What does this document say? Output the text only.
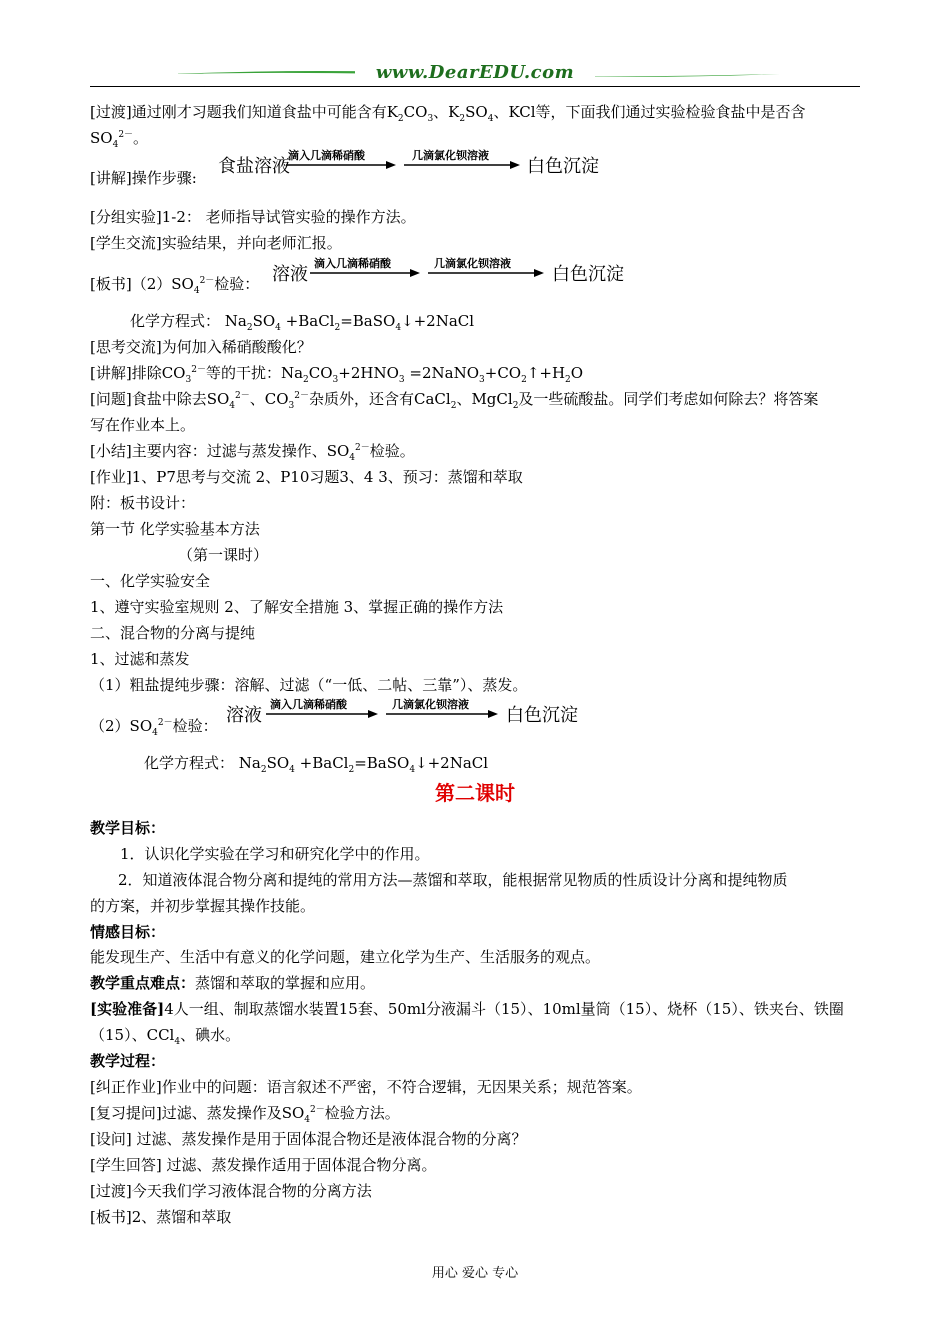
www.DearEDU.com
[过渡]通过刚才习题我们知道食盐中可能含有$K_2CO_3$、$K_2SO_4$、KCl等，下面我们通过实验检验食盐中是否含
$SO_4^{2-}$。
[讲解]操作步骤:
食盐溶液
滴入几滴稀硝酸	几滴氯化钡溶液
白色沉淀
[分组实验]1-2： 老师指导试管实验的操作方法。
[学生交流]实验结果，并向老师汇报。
[板书]$(2)SO_4^{2-}$检验： 溶液
滴入几滴稀硝酸	几滴氯化钡溶液
白色沉淀
化学方程式： $Na_2SO_4$ +BaCl$_2$=BaSO$_4$↓+2NaCl
[思考交流]为何加入稀硝酸酸化？
[讲解]排除$CO_3^{2-}$等的干扰：$Na_2CO_3+2HNO_3$ $=2NaNO_3+CO_2↑+H_2O$
[问题]食盐中除去$SO_4^{2-}$、$CO_3^{2-}$杂质外，还含有CaCl$_2$、MgCl$_2$及一些硫酸盐。同学们考虑如何除去？将答案
写在作业本上。
[小结]主要内容：过滤与蒸发操作、$SO_4^{2-}$检验。
[作业]1、P7思考与交流 2、P10习题3、4 3、预习：蒸馏和萃取
附：板书设计：
第一节 化学实验基本方法
（第一课时）
一、化学实验安全
1、遵守实验室规则 2、了解安全措施 3、掌握正确的操作方法
二、混合物的分离与提纯
1、过滤和蒸发
（1）粗盐提纯步骤：溶解、过滤（“一低、二帖、三靠”）、蒸发。
$(2)SO_4^{2-}$检验： 溶液
滴入几滴稀硝酸	几滴氯化钡溶液
白色沉淀
化学方程式： $Na_2SO_4$ +BaCl$_2$=BaSO$_4$↓+2NaCl
第二课时
教学目标：
1．认识化学实验在学习和研究化学中的作用。
2．知道液体混合物分离和提纯的常用方法—蒸馏和萃取，能根据常见物质的性质设计分离和提纯物质
的方案，并初步掌握其操作技能。
情感目标：
能发现生产、生活中有意义的化学问题，建立化学为生产、生活服务的观点。
教学重点难点：蒸馏和萃取的掌握和应用。
[实验准备]4人一组、制取蒸馏水装置15套、50ml分液漏斗（15）、10ml量筒（15）、烧杯（15）、铁夹台、铁圈
（15）、CCl$_4$、碘水。
教学过程：
[纠正作业]作业中的问题：语言叙述不严密，不符合逻辑，无因果关系；规范答案。
[复习提问]过滤、蒸发操作及$SO_4^{2-}$检验方法。
[设问] 过滤、蒸发操作是用于固体混合物还是液体混合物的分离？
[学生回答] 过滤、蒸发操作适用于固体混合物分离。
[过渡]今天我们学习液体混合物的分离方法
[板书]2、蒸馏和萃取
用心 爱心 专心
